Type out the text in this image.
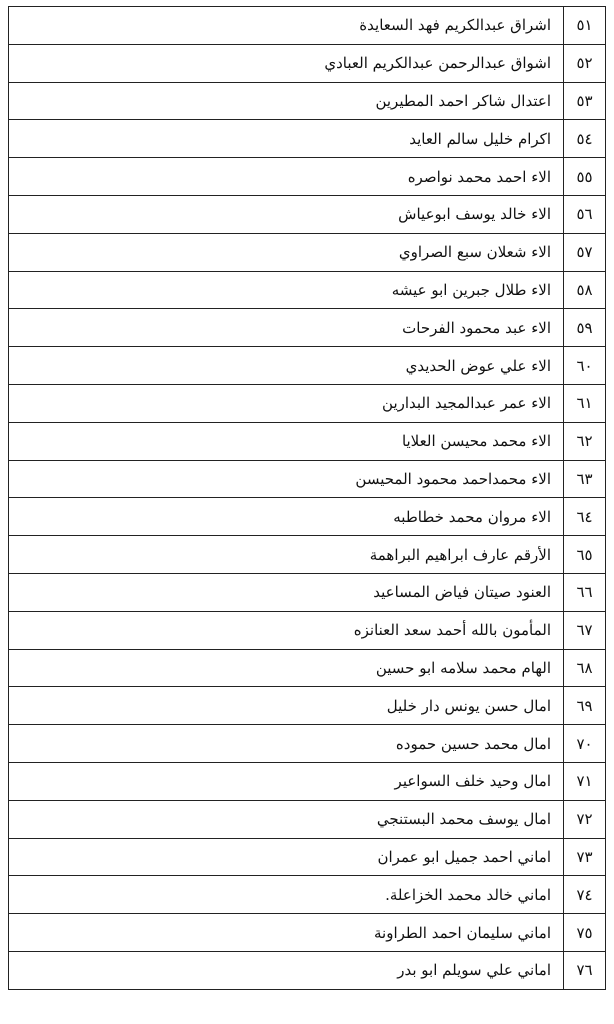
٥١	اشراق عبدالكريم فهد السعايدة
٥٢	اشواق عبدالرحمن عبدالكريم العبادي
٥٣	اعتدال شاكر احمد المطيرين
٥٤	اكرام خليل سالم العايد
٥٥	الاء احمد محمد نواصره
٥٦	الاء خالد يوسف ابوعياش
٥٧	الاء شعلان سبع الصراوي
٥٨	الاء طلال جبرين ابو عيشه
٥٩	الاء عبد محمود الفرحات
٦٠	الاء علي عوض الحديدي
٦١	الاء عمر عبدالمجيد البدارين
٦٢	الاء محمد محيسن العلايا
٦٣	الاء محمداحمد محمود المحيسن
٦٤	الاء مروان محمد خطاطبه
٦٥	الأرقم عارف ابراهيم البراهمة
٦٦	العنود صيتان فياض المساعيد
٦٧	المأمون بالله أحمد سعد العنانزه
٦٨	الهام محمد سلامه ابو حسين
٦٩	امال حسن يونس دار خليل
٧٠	امال محمد حسين حموده
٧١	امال وحيد خلف السواعير
٧٢	امال يوسف محمد البستنجي
٧٣	اماني احمد جميل ابو عمران
٧٤	اماني خالد محمد الخزاعلة.
٧٥	اماني سليمان احمد الطراونة
٧٦	اماني علي سويلم ابو بدر
